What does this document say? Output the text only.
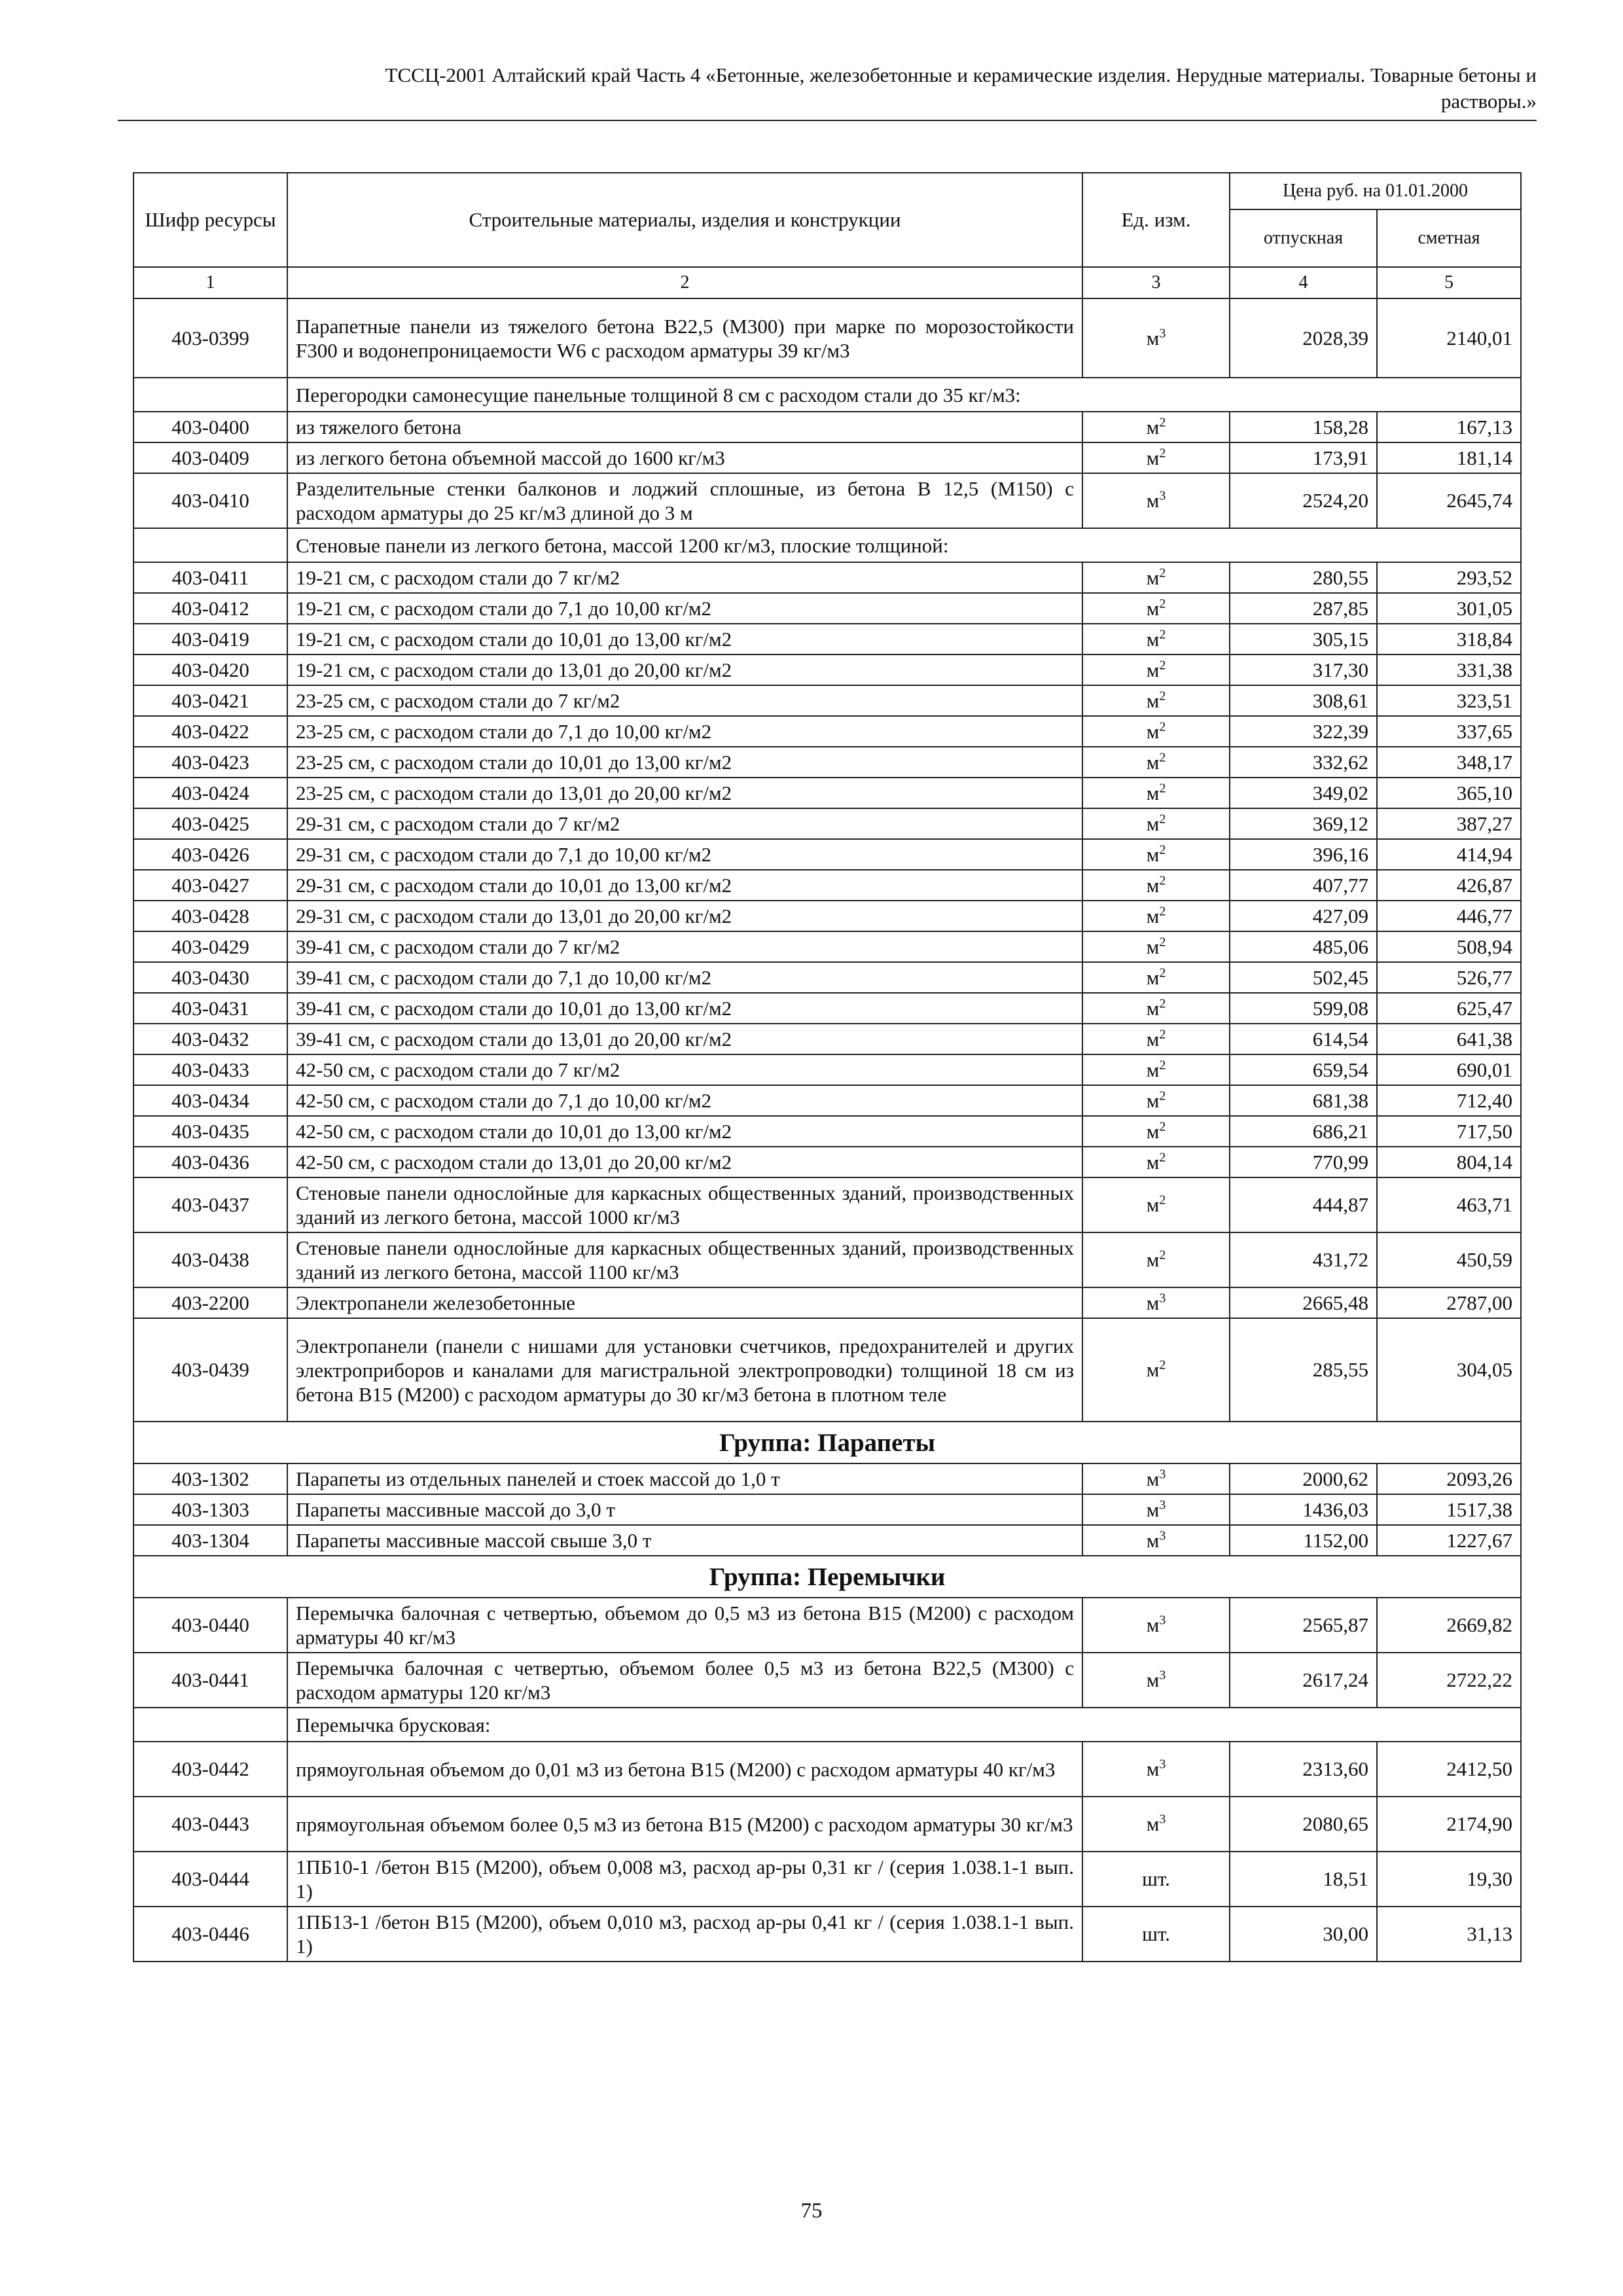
ТССЦ-2001 Алтайский край Часть 4 «Бетонные, железобетонные и керамические изделия. Нерудные материалы. Товарные бетоны и
растворы.»
Шифр ресурсы	Строительные материалы, изделия и конструкции	Ед. изм.	Цена руб. на 01.01.2000	
			отпускная	сметная
1	2	3	4	5
403-0399	Парапетные панели из тяжелого бетона B22,5 (M300) при марке по морозостойкости F300 и водонепроницаемости W6 с расходом арматуры 39 кг/м3	$м^3$	2028,39	2140,01
	Перегородки самонесущие панельные толщиной 8 см с расходом стали до 35 кг/м3:			
403-0400	из тяжелого бетона	$м^2$	158,28	167,13
403-0409	из легкого бетона объемной массой до 1600 кг/м3	$м^2$	173,91	181,14
403-0410	Разделительные стенки балконов и лоджий сплошные, из бетона В 12,5 (М150) с расходом арматуры до 25 кг/м3 длиной до 3 м	$м^3$	2524,20	2645,74
	Стеновые панели из легкого бетона, массой 1200 кг/м3, плоские толщиной:			
403-0411	19-21 см, с расходом стали до 7 кг/м2	$м^2$	280,55	293,52
403-0412	19-21 см, с расходом стали до 7,1 до 10,00 кг/м2	$м^2$	287,85	301,05
403-0419	19-21 см, с расходом стали до 10,01 до 13,00 кг/м2	$м^2$	305,15	318,84
403-0420	19-21 см, с расходом стали до 13,01 до 20,00 кг/м2	$м^2$	317,30	331,38
403-0421	23-25 см, с расходом стали до 7 кг/м2	$м^2$	308,61	323,51
403-0422	23-25 см, с расходом стали до 7,1 до 10,00 кг/м2	$м^2$	322,39	337,65
403-0423	23-25 см, с расходом стали до 10,01 до 13,00 кг/м2	$м^2$	332,62	348,17
403-0424	23-25 см, с расходом стали до 13,01 до 20,00 кг/м2	$м^2$	349,02	365,10
403-0425	29-31 см, с расходом стали до 7 кг/м2	$м^2$	369,12	387,27
403-0426	29-31 см, с расходом стали до 7,1 до 10,00 кг/м2	$м^2$	396,16	414,94
403-0427	29-31 см, с расходом стали до 10,01 до 13,00 кг/м2	$м^2$	407,77	426,87
403-0428	29-31 см, с расходом стали до 13,01 до 20,00 кг/м2	$м^2$	427,09	446,77
403-0429	39-41 см, с расходом стали до 7 кг/м2	$м^2$	485,06	508,94
403-0430	39-41 см, с расходом стали до 7,1 до 10,00 кг/м2	$м^2$	502,45	526,77
403-0431	39-41 см, с расходом стали до 10,01 до 13,00 кг/м2	$м^2$	599,08	625,47
403-0432	39-41 см, с расходом стали до 13,01 до 20,00 кг/м2	$м^2$	614,54	641,38
403-0433	42-50 см, с расходом стали до 7 кг/м2	$м^2$	659,54	690,01
403-0434	42-50 см, с расходом стали до 7,1 до 10,00 кг/м2	$м^2$	681,38	712,40
403-0435	42-50 см, с расходом стали до 10,01 до 13,00 кг/м2	$м^2$	686,21	717,50
403-0436	42-50 см, с расходом стали до 13,01 до 20,00 кг/м2	$м^2$	770,99	804,14
403-0437	Стеновые панели однослойные для каркасных общественных зданий, производственных зданий из легкого бетона, массой 1000 кг/м3	$м^2$	444,87	463,71
403-0438	Стеновые панели однослойные для каркасных общественных зданий, производственных зданий из легкого бетона, массой 1100 кг/м3	$м^2$	431,72	450,59
403-2200	Электропанели железобетонные	$м^3$	2665,48	2787,00
403-0439	Электропанели (панели с нишами для установки счетчиков, предохранителей и других электроприборов и каналами для магистральной электропроводки) толщиной 18 см из бетона В15 (М200) с расходом арматуры до 30 кг/м3 бетона в плотном теле	$м^2$	285,55	304,05
Группа: Парапеты				
403-1302	Парапеты из отдельных панелей и стоек массой до 1,0 т	$м^3$	2000,62	2093,26
403-1303	Парапеты массивные массой до 3,0 т	$м^3$	1436,03	1517,38
403-1304	Парапеты массивные массой свыше 3,0 т	$м^3$	1152,00	1227,67
Группа: Перемычки				
403-0440	Перемычка балочная с четвертью, объемом до 0,5 м3 из бетона В15 (М200) с расходом арматуры 40 кг/м3	$м^3$	2565,87	2669,82
403-0441	Перемычка балочная с четвертью, объемом более 0,5 м3 из бетона В22,5 (М300) с расходом арматуры 120 кг/м3	$м^3$	2617,24	2722,22
	Перемычка брусковая:			
403-0442	прямоугольная объемом до 0,01 м3 из бетона В15 (М200) с расходом арматуры 40 кг/м3	$м^3$	2313,60	2412,50
403-0443	прямоугольная объемом более 0,5 м3 из бетона В15 (М200) с расходом арматуры 30 кг/м3	$м^3$	2080,65	2174,90
403-0444	1ПБ10-1 /бетон В15 (М200), объем 0,008 м3, расход ар-ры 0,31 кг / (серия 1.038.1-1 вып. 1)	шт.	18,51	19,30
403-0446	1ПБ13-1 /бетон В15 (М200), объем 0,010 м3, расход ар-ры 0,41 кг / (серия 1.038.1-1 вып. 1)	шт.	30,00	31,13
75
